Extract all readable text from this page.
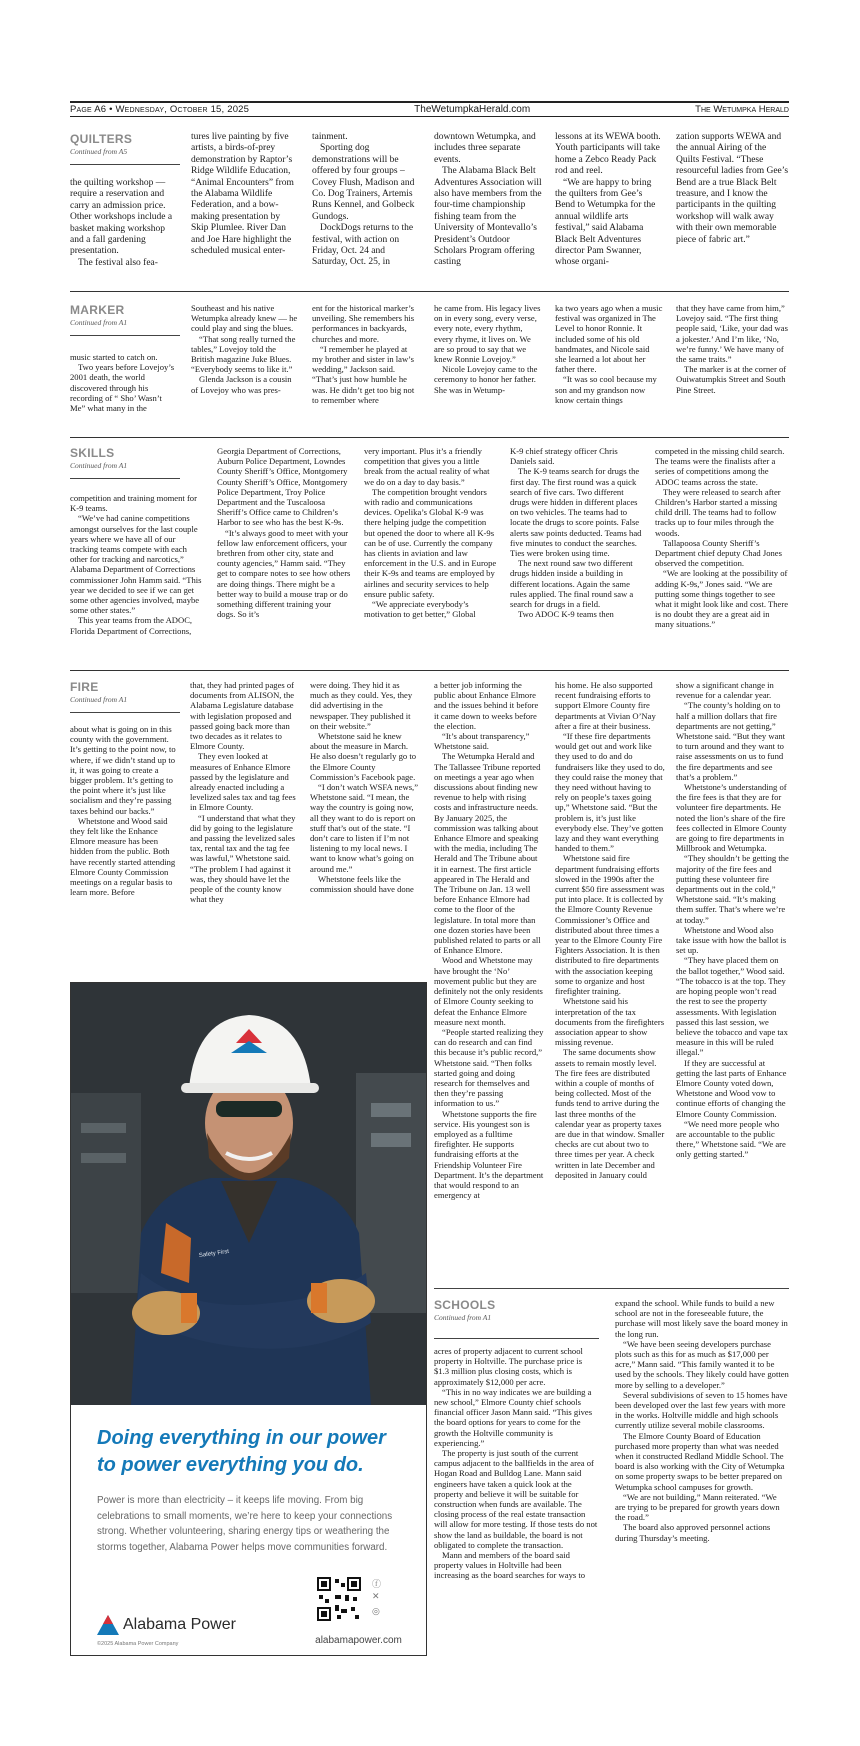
Page A6 • Wednesday, October 15, 2025	TheWetumpkaHerald.com	The Wetumpka Herald
QUILTERS
Continued from A5

the quilting workshop — require a reservation and carry an admission price. Other workshops include a basket making workshop and a fall gardening presentation.

The festival also fea-

tures live painting by five artists, a birds-of-prey demonstration by Raptor’s Ridge Wildlife Education, “Animal Encounters” from the Alabama Wildlife Federation, and a bow-making presentation by Skip Plumlee. River Dan and Joe Hare highlight the scheduled musical enter-

tainment.

Sporting dog demonstrations will be offered by four groups – Covey Flush, Madison and Co. Dog Trainers, Artemis Runs Kennel, and Golbeck Gundogs.

DockDogs returns to the festival, with action on Friday, Oct. 24 and Saturday, Oct. 25, in

downtown Wetumpka, and includes three separate events.

The Alabama Black Belt Adventures Association will also have members from the four-time championship fishing team from the University of Montevallo’s President’s Outdoor Scholars Program offering casting

lessons at its WEWA booth. Youth participants will take home a Zebco Ready Pack rod and reel.

“We are happy to bring the quilters from Gee’s Bend to Wetumpka for the annual wildlife arts festival,” said Alabama Black Belt Adventures director Pam Swanner, whose organi-

zation supports WEWA and the annual Airing of the Quilts Festival. “These resourceful ladies from Gee’s Bend are a true Black Belt treasure, and I know the participants in the quilting workshop will walk away with their own memorable piece of fabric art.”

MARKER
Continued from A1

music started to catch on.

Two years before Lovejoy’s 2001 death, the world discovered through his recording of “ Sho’ Wasn’t Me” what many in the

Southeast and his native Wetumpka already knew — he could play and sing the blues.

“That song really turned the tables,” Lovejoy told the British magazine Juke Blues. “Everybody seems to like it.”

Glenda Jackson is a cousin of Lovejoy who was pres-

ent for the historical marker’s unveiling. She remembers his performances in backyards, churches and more.

“I remember he played at my brother and sister in law’s wedding,” Jackson said. “That’s just how humble he was. He didn’t get too big not to remember where

he came from. His legacy lives on in every song, every verse, every note, every rhythm, every rhyme, it lives on. We are so proud to say that we knew Ronnie Lovejoy.”

Nicole Lovejoy came to the ceremony to honor her father. She was in Wetump-

ka two years ago when a music festival was organized in The Level to honor Ronnie. It included some of his old bandmates, and Nicole said she learned a lot about her father there.

“It was so cool because my son and my grandson now know certain things

that they have came from him,” Lovejoy said. “The first thing people said, ‘Like, your dad was a jokester.’ And I’m like, ‘No, we’re funny.’ We have many of the same traits.”

The marker is at the corner of Ouiwatumpkis Street and South Pine Street.

SKILLS
Continued from A1

competition and training moment for K-9 teams.

“We’ve had canine competitions amongst ourselves for the last couple years where we have all of our tracking teams compete with each other for tracking and narcotics,” Alabama Department of Corrections commissioner John Hamm said. “This year we decided to see if we can get some other agencies involved, maybe some other states.”

This year teams from the ADOC, Florida Department of Corrections,

Georgia Department of Corrections, Auburn Police Department, Lowndes County Sheriff’s Office, Montgomery County Sheriff’s Office, Montgomery Police Department, Troy Police Department and the Tuscaloosa Sheriff’s Office came to Children’s Harbor to see who has the best K-9s.

“It’s always good to meet with your fellow law enforcement officers, your brethren from other city, state and county agencies,” Hamm said. “They get to compare notes to see how others are doing things. There might be a better way to build a mouse trap or do something different training your dogs. So it’s

very important. Plus it’s a friendly competition that gives you a little break from the actual reality of what we do on a day to day basis.”

The competition brought vendors with radio and communications devices. Opelika’s Global K-9 was there helping judge the competition but opened the door to where all K-9s can be of use. Currently the company has clients in aviation and law enforcement in the U.S. and in Europe their K-9s and teams are employed by airlines and security services to help ensure public safety.

“We appreciate everybody’s motivation to get better,” Global

K-9 chief strategy officer Chris Daniels said.

The K-9 teams search for drugs the first day. The first round was a quick search of five cars. Two different drugs were hidden in different places on two vehicles. The teams had to locate the drugs to score points. False alerts saw points deducted. Teams had five minutes to conduct the searches. Ties were broken using time.

The next round saw two different drugs hidden inside a building in different locations. Again the same rules applied. The final round saw a search for drugs in a field.

Two ADOC K-9 teams then

competed in the missing child search. The teams were the finalists after a series of competitions among the ADOC teams across the state.

They were released to search after Children’s Harbor started a missing child drill. The teams had to follow tracks up to four miles through the woods.

Tallapoosa County Sheriff’s Department chief deputy Chad Jones observed the competition.

“We are looking at the possibility of adding K-9s,” Jones said. “We are putting some things together to see what it might look like and cost. There is no doubt they are a great aid in many situations.”

FIRE
Continued from A1

about what is going on in this county with the government. It’s getting to the point now, to where, if we didn’t stand up to it, it was going to create a bigger problem. It’s getting to the point where it’s just like socialism and they’re passing taxes behind our backs.”

Whetstone and Wood said they felt like the Enhance Elmore measure has been hidden from the public. Both have recently started attending Elmore County Commission meetings on a regular basis to learn more. Before

that, they had printed pages of documents from ALISON, the Alabama Legislature database with legislation proposed and passed going back more than two decades as it relates to Elmore County.

They even looked at measures of Enhance Elmore passed by the legislature and already enacted including a levelized sales tax and tag fees in Elmore County.

“I understand that what they did by going to the legislature and passing the levelized sales tax, rental tax and the tag fee was lawful,” Whetstone said. “The problem I had against it was, they should have let the people of the county know what they

were doing. They hid it as much as they could. Yes, they did advertising in the newspaper. They published it on their website.”

Whetstone said he knew about the measure in March. He also doesn’t regularly go to the Elmore County Commission’s Facebook page.

“I don’t watch WSFA news,” Whetstone said. “I mean, the way the country is going now, all they want to do is report on stuff that’s out of the state. “I don’t care to listen if I’m not listening to my local news. I want to know what’s going on around me.”

Whetstone feels like the commission should have done

a better job informing the public about Enhance Elmore and the issues behind it before it came down to weeks before the election.

“It’s about transparency,” Whetstone said.

The Wetumpka Herald and The Tallassee Tribune reported on meetings a year ago when discussions about finding new revenue to help with rising costs and infrastructure needs. By January 2025, the commission was talking about Enhance Elmore and speaking with the media, including The Herald and The Tribune about it in earnest. The first article appeared in The Herald and The Tribune on Jan. 13 well before Enhance Elmore had come to the floor of the legislature. In total more than one dozen stories have been published related to parts or all of Enhance Elmore.

Wood and Whetstone may have brought the ‘No’ movement public but they are definitely not the only residents of Elmore County seeking to defeat the Enhance Elmore measure next month.

“People started realizing they can do research and can find this because it’s public record,” Whetstone said. “Then folks started going and doing research for themselves and then they’re passing information to us.”

Whetstone supports the fire service. His youngest son is employed as a fulltime firefighter. He supports fundraising efforts at the Friendship Volunteer Fire Department. It’s the department that would respond to an emergency at

his home. He also supported recent fundraising efforts to support Elmore County fire departments at Vivian O’Nay after a fire at their business.

“If these fire departments would get out and work like they used to do and do fundraisers like they used to do, they could raise the money that they need without having to rely on people’s taxes going up,” Whetstone said. “But the problem is, it’s just like everybody else. They’ve gotten lazy and they want everything handed to them.”

Whetstone said fire department fundraising efforts slowed in the 1990s after the current $50 fire assessment was put into place. It is collected by the Elmore County Revenue Commissioner’s Office and distributed about three times a year to the Elmore County Fire Fighters Association. It is then distributed to fire departments with the association keeping some to organize and host firefighter training.

Whetstone said his interpretation of the tax documents from the firefighters association appear to show missing revenue.

The same documents show assets to remain mostly level. The fire fees are distributed within a couple of months of being collected. Most of the funds tend to arrive during the last three months of the calendar year as property taxes are due in that window. Smaller checks are cut about two to three times per year. A check written in late December and deposited in January could

show a significant change in revenue for a calendar year.

“The county’s holding on to half a million dollars that fire departments are not getting,” Whetstone said. “But they want to turn around and they want to raise assessments on us to fund the fire departments and see that’s a problem.”

Whetstone’s understanding of the fire fees is that they are for volunteer fire departments. He noted the lion’s share of the fire fees collected in Elmore County are going to fire departments in Millbrook and Wetumpka.

“They shouldn’t be getting the majority of the fire fees and putting these volunteer fire departments out in the cold,” Whetstone said. “It’s making them suffer. That’s where we’re at today.”

Whetstone and Wood also take issue with how the ballot is set up.

“They have placed them on the ballot together,” Wood said. “The tobacco is at the top. They are hoping people won’t read the rest to see the property assessments. With legislation passed this last session, we believe the tobacco and vape tax measure in this will be ruled illegal.”

If they are successful at getting the last parts of Enhance Elmore County voted down, Whetstone and Wood vow to continue efforts of changing the Elmore County Commission.

“We need more people who are accountable to the public there,” Whetstone said. “We are only getting started.”

SCHOOLS
Continued from A1

acres of property adjacent to current school property in Holtville. The purchase price is $1.3 million plus closing costs, which is approximately $12,000 per acre.

“This in no way indicates we are building a new school,” Elmore County chief schools financial officer Jason Mann said. “This gives the board options for years to come for the growth the Holtville community is experiencing.”

The property is just south of the current campus adjacent to the ballfields in the area of Hogan Road and Bulldog Lane. Mann said engineers have taken a quick look at the property and believe it will be suitable for construction when funds are available. The closing process of the real estate transaction will allow for more testing. If those tests do not show the land as buildable, the board is not obligated to complete the transaction.

Mann and members of the board said property values in Holtville had been increasing as the board searches for ways to

expand the school. While funds to build a new school are not in the foreseeable future, the purchase will most likely save the board money in the long run.

“We have been seeing developers purchase plots such as this for as much as $17,000 per acre,” Mann said. “This family wanted it to be used by the schools. They likely could have gotten more by selling to a developer.”

Several subdivisions of seven to 15 homes have been developed over the last few years with more in the works. Holtville middle and high schools currently utilize several mobile classrooms.

The Elmore County Board of Education purchased more property than what was needed when it constructed Redland Middle School. The board is also working with the City of Wetumpka on some property swaps to be better prepared on Wetumpka school campuses for growth.

“We are not building,” Mann reiterated. “We are trying to be prepared for growth years down the road.”

The board also approved personnel actions during Thursday’s meeting.

Safety First
Doing everything in our power to power everything you do.
Power is more than electricity – it keeps life moving. From big celebrations to small moments, we’re here to keep your connections strong. Whether volunteering, sharing energy tips or weathering the storms together, Alabama Power helps move communities forward.
Alabama Power
©2025 Alabama Power Company
ⓕ
✕
◎
alabamapower.com
